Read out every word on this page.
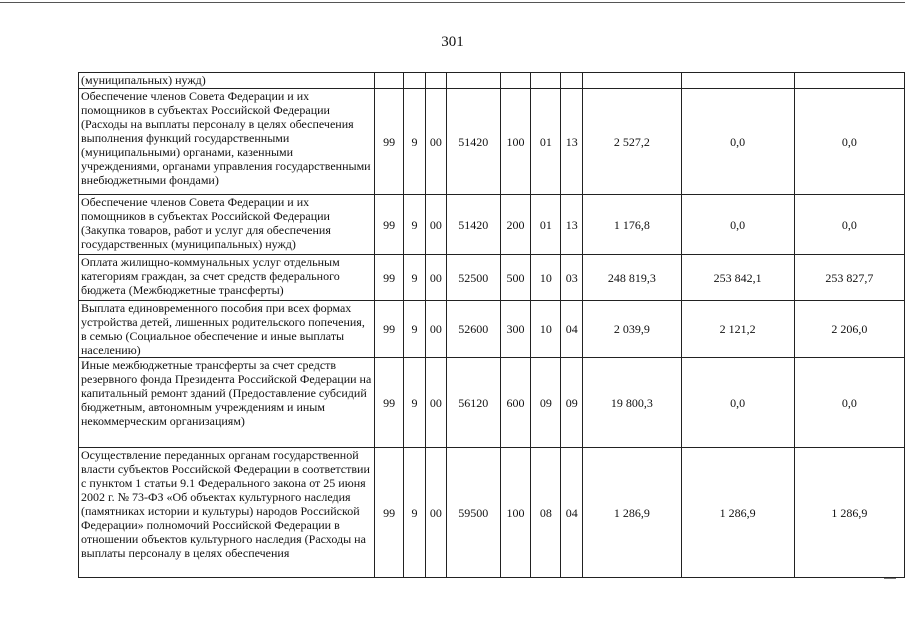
301
(муниципальных) нужд)										
Обеспечение членов Совета Федерации и их помощников в субъектах Российской Федерации (Расходы на выплаты персоналу в целях обеспечения выполнения функций государственными (муниципальными) органами, казенными учреждениями, органами управления государственными внебюджетными фондами)	99	9	00	51420	100	01	13	2 527,2	0,0	0,0
Обеспечение членов Совета Федерации и их помощников в субъектах Российской Федерации (Закупка товаров, работ и услуг для обеспечения государственных (муниципальных) нужд)	99	9	00	51420	200	01	13	1 176,8	0,0	0,0
Оплата жилищно-коммунальных услуг отдельным категориям граждан, за счет средств федерального бюджета (Межбюджетные трансферты)	99	9	00	52500	500	10	03	248 819,3	253 842,1	253 827,7
Выплата единовременного пособия при всех формах устройства детей, лишенных родительского попечения, в семью (Социальное обеспечение и иные выплаты населению)	99	9	00	52600	300	10	04	2 039,9	2 121,2	2 206,0
Иные межбюджетные трансферты за счет средств резервного фонда Президента Российской Федерации на капитальный ремонт зданий (Предоставление субсидий бюджетным, автономным учреждениям и иным некоммерческим организациям)	99	9	00	56120	600	09	09	19 800,3	0,0	0,0
Осуществление переданных органам государственной власти субъектов Российской Федерации в соответствии с пунктом 1 статьи 9.1 Федерального закона от 25 июня 2002 г. № 73-ФЗ «Об объектах культурного наследия (памятниках истории и культуры) народов Российской Федерации» полномочий Российской Федерации в отношении объектов культурного наследия (Расходы на выплаты персоналу в целях обеспечения	99	9	00	59500	100	08	04	1 286,9	1 286,9	1 286,9
